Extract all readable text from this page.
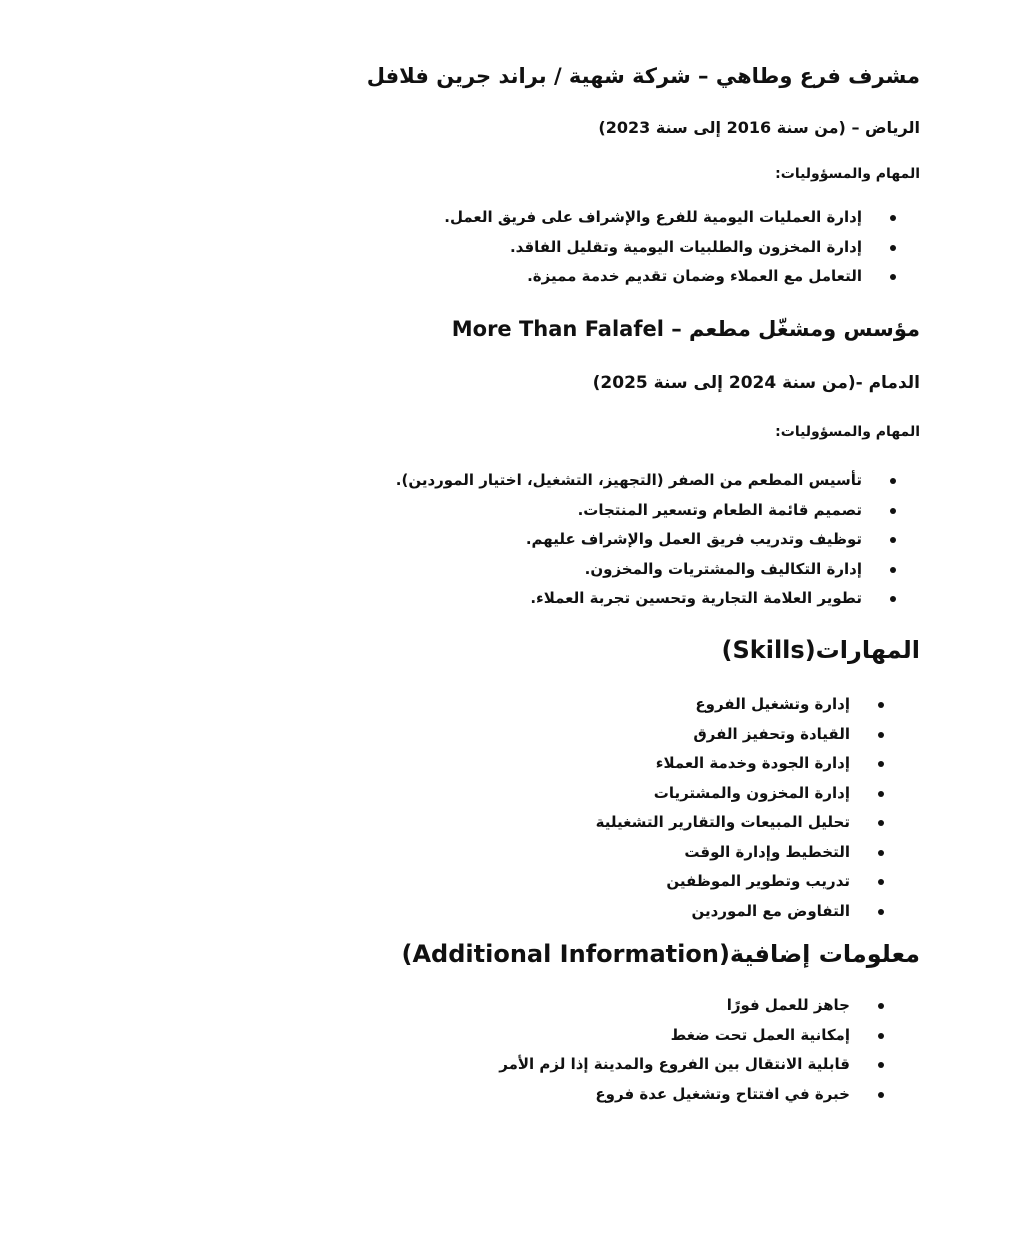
مشرف فرع وطاهي – شركة شهية / براند جرين فلافل

الرياض – (من سنة 2016 إلى سنة 2023)

المهام والمسؤوليات:

إدارة العمليات اليومية للفرع والإشراف على فريق العمل.
إدارة المخزون والطلبيات اليومية وتقليل الفاقد.
التعامل مع العملاء وضمان تقديم خدمة مميزة.

مؤسس ومشغّل مطعم – More Than Falafel

الدمام -(من سنة 2024 إلى سنة 2025)

المهام والمسؤوليات:

تأسيس المطعم من الصفر (التجهيز، التشغيل، اختيار الموردين).
تصميم قائمة الطعام وتسعير المنتجات.
توظيف وتدريب فريق العمل والإشراف عليهم.
إدارة التكاليف والمشتريات والمخزون.
تطوير العلامة التجارية وتحسين تجربة العملاء.

المهارات(Skills)

إدارة وتشغيل الفروع
القيادة وتحفيز الفرق
إدارة الجودة وخدمة العملاء
إدارة المخزون والمشتريات
تحليل المبيعات والتقارير التشغيلية
التخطيط وإدارة الوقت
تدريب وتطوير الموظفين
التفاوض مع الموردين

معلومات إضافية(Additional Information)

جاهز للعمل فورًا
إمكانية العمل تحت ضغط
قابلية الانتقال بين الفروع والمدينة إذا لزم الأمر
خبرة في افتتاح وتشغيل عدة فروع
